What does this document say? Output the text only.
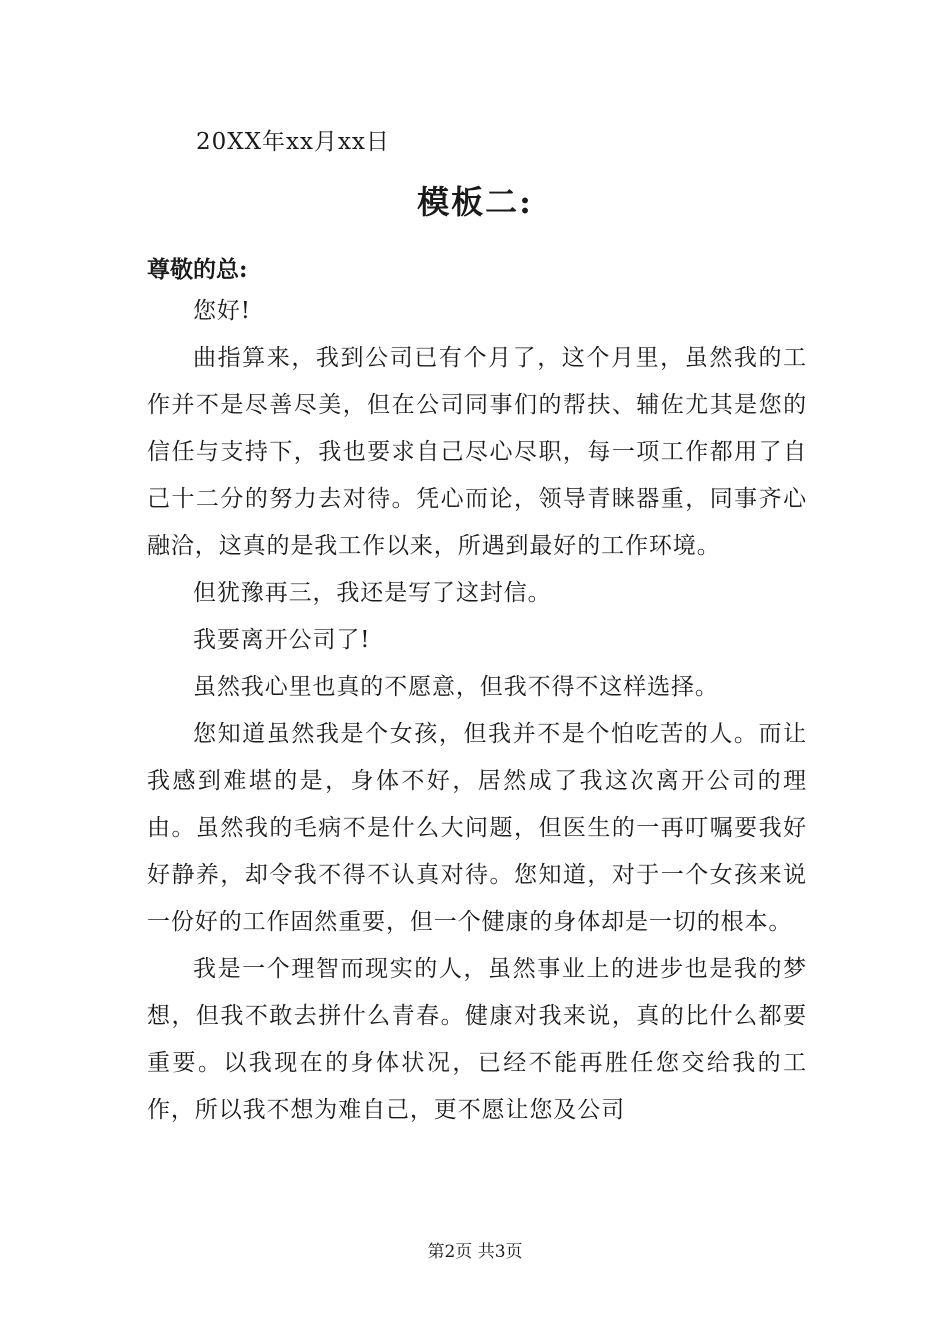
20XX年xx月xx日
模板二:
尊敬的总:

您好!

曲指算来，我到公司已有个月了，这个月里，虽然我的工作并不是尽善尽美，但在公司同事们的帮扶、辅佐尤其是您的信任与支持下，我也要求自己尽心尽职，每一项工作都用了自己十二分的努力去对待。凭心而论，领导青睐器重，同事齐心融洽，这真的是我工作以来，所遇到最好的工作环境。

但犹豫再三，我还是写了这封信。

我要离开公司了!

虽然我心里也真的不愿意，但我不得不这样选择。

您知道虽然我是个女孩，但我并不是个怕吃苦的人。而让我感到难堪的是，身体不好，居然成了我这次离开公司的理由。虽然我的毛病不是什么大问题，但医生的一再叮嘱要我好好静养，却令我不得不认真对待。您知道，对于一个女孩来说一份好的工作固然重要，但一个健康的身体却是一切的根本。

我是一个理智而现实的人，虽然事业上的进步也是我的梦想，但我不敢去拼什么青春。健康对我来说，真的比什么都要重要。以我现在的身体状况，已经不能再胜任您交给我的工作，所以我不想为难自己，更不愿让您及公司

第2页 共3页
